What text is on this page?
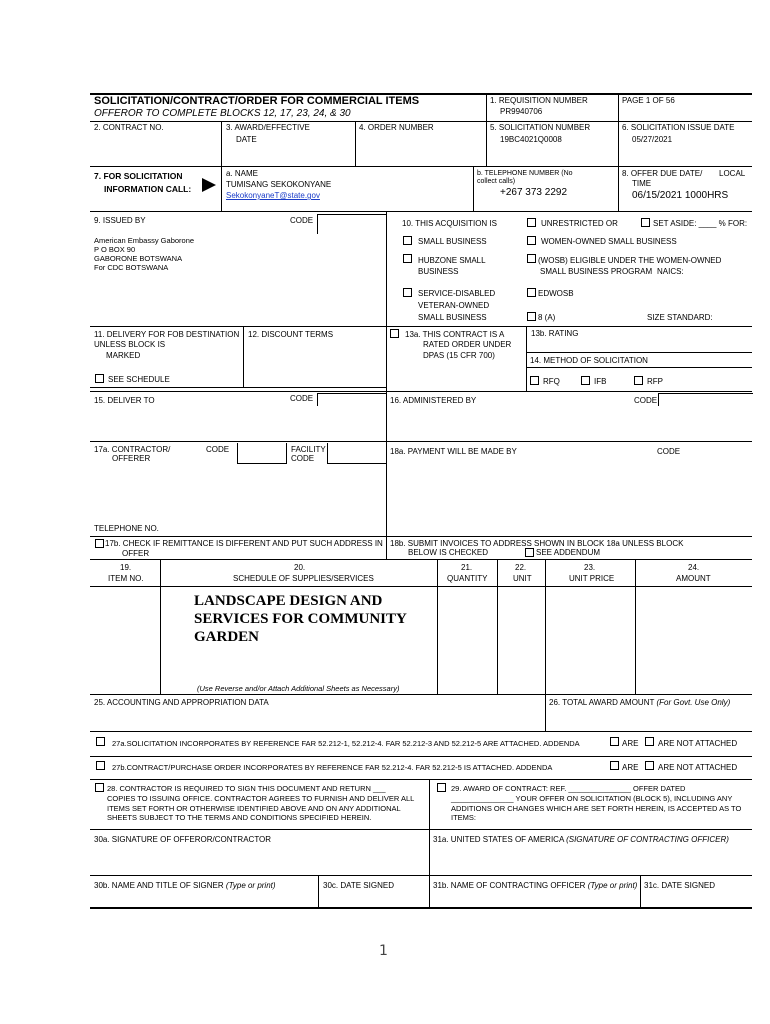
SOLICITATION/CONTRACT/ORDER FOR COMMERCIAL ITEMS
OFFEROR TO COMPLETE BLOCKS 12, 17, 23, 24, & 30
1. REQUISITION NUMBER
PR9940706
PAGE 1 OF 56
2. CONTRACT NO.	3. AWARD/EFFECTIVE
DATE
4. ORDER NUMBER	5. SOLICITATION NUMBER
19BC4021Q0008
6. SOLICITATION ISSUE DATE
05/27/2021
7. FOR SOLICITATION
INFORMATION CALL:
a. NAME
TUMISANG SEKOKONYANE
SekokonyaneT@state.gov
b. TELEPHONE NUMBER (No
collect calls)
+267 373 2292
8. OFFER DUE DATE/ LOCAL
TIME
06/15/2021 1000HRS
9. ISSUED BY	CODE
American Embassy Gaborone
P O BOX 90
GABORONE BOTSWANA
For CDC BOTSWANA
10. THIS ACQUISITION IS	UNRESTRICTED OR	SET ASIDE: ____ % FOR:
SMALL BUSINESS	WOMEN-OWNED SMALL BUSINESS
HUBZONE SMALL
BUSINESS
(WOSB) ELIGIBLE UNDER THE WOMEN-OWNED
SMALL BUSINESS PROGRAM NAICS:
SERVICE-DISABLED
VETERAN-OWNED
SMALL BUSINESS
EDWOSB
8 (A)	SIZE STANDARD:
11. DELIVERY FOR FOB DESTINATION
UNLESS BLOCK IS
MARKED
SEE SCHEDULE
12. DISCOUNT TERMS	13a. THIS CONTRACT IS A
RATED ORDER UNDER
DPAS (15 CFR 700)
13b. RATING
14. METHOD OF SOLICITATION
RFQ	IFB	RFP
15. DELIVER TO	CODE	16. ADMINISTERED BY	CODE
17a. CONTRACTOR/
OFFERER
CODE	FACILITY
CODE
18a. PAYMENT WILL BE MADE BY	CODE
TELEPHONE NO.
17b. CHECK IF REMITTANCE IS DIFFERENT AND PUT SUCH ADDRESS IN
OFFER
18b. SUBMIT INVOICES TO ADDRESS SHOWN IN BLOCK 18a UNLESS BLOCK
BELOW IS CHECKED	SEE ADDENDUM
19.
ITEM NO.
20.
SCHEDULE OF SUPPLIES/SERVICES
21.
QUANTITY
22.
UNIT
23.
UNIT PRICE
24.
AMOUNT
LANDSCAPE DESIGN AND
SERVICES FOR COMMUNITY
GARDEN
(Use Reverse and/or Attach Additional Sheets as Necessary)
25. ACCOUNTING AND APPROPRIATION DATA	26. TOTAL AWARD AMOUNT (For Govt. Use Only)
27a.SOLICITATION INCORPORATES BY REFERENCE FAR 52.212-1, 52.212-4. FAR 52.212-3 AND 52.212-5 ARE ATTACHED. ADDENDA	ARE ARE NOT ATTACHED
27b.CONTRACT/PURCHASE ORDER INCORPORATES BY REFERENCE FAR 52.212-4. FAR 52.212-5 IS ATTACHED. ADDENDA	ARE ARE NOT ATTACHED
28. CONTRACTOR IS REQUIRED TO SIGN THIS DOCUMENT AND RETURN ___
COPIES TO ISSUING OFFICE. CONTRACTOR AGREES TO FURNISH AND DELIVER ALL
ITEMS SET FORTH OR OTHERWISE IDENTIFIED ABOVE AND ON ANY ADDITIONAL
SHEETS SUBJECT TO THE TERMS AND CONDITIONS SPECIFIED HEREIN.
29. AWARD OF CONTRACT: REF. _______________ OFFER DATED
_______________ YOUR OFFER ON SOLICITATION (BLOCK 5), INCLUDING ANY
ADDITIONS OR CHANGES WHICH ARE SET FORTH HEREIN, IS ACCEPTED AS TO
ITEMS:
30a. SIGNATURE OF OFFEROR/CONTRACTOR	31a. UNITED STATES OF AMERICA (SIGNATURE OF CONTRACTING OFFICER)
30b. NAME AND TITLE OF SIGNER (Type or print)	30c. DATE SIGNED	31b. NAME OF CONTRACTING OFFICER (Type or print) 31c. DATE SIGNED
1
